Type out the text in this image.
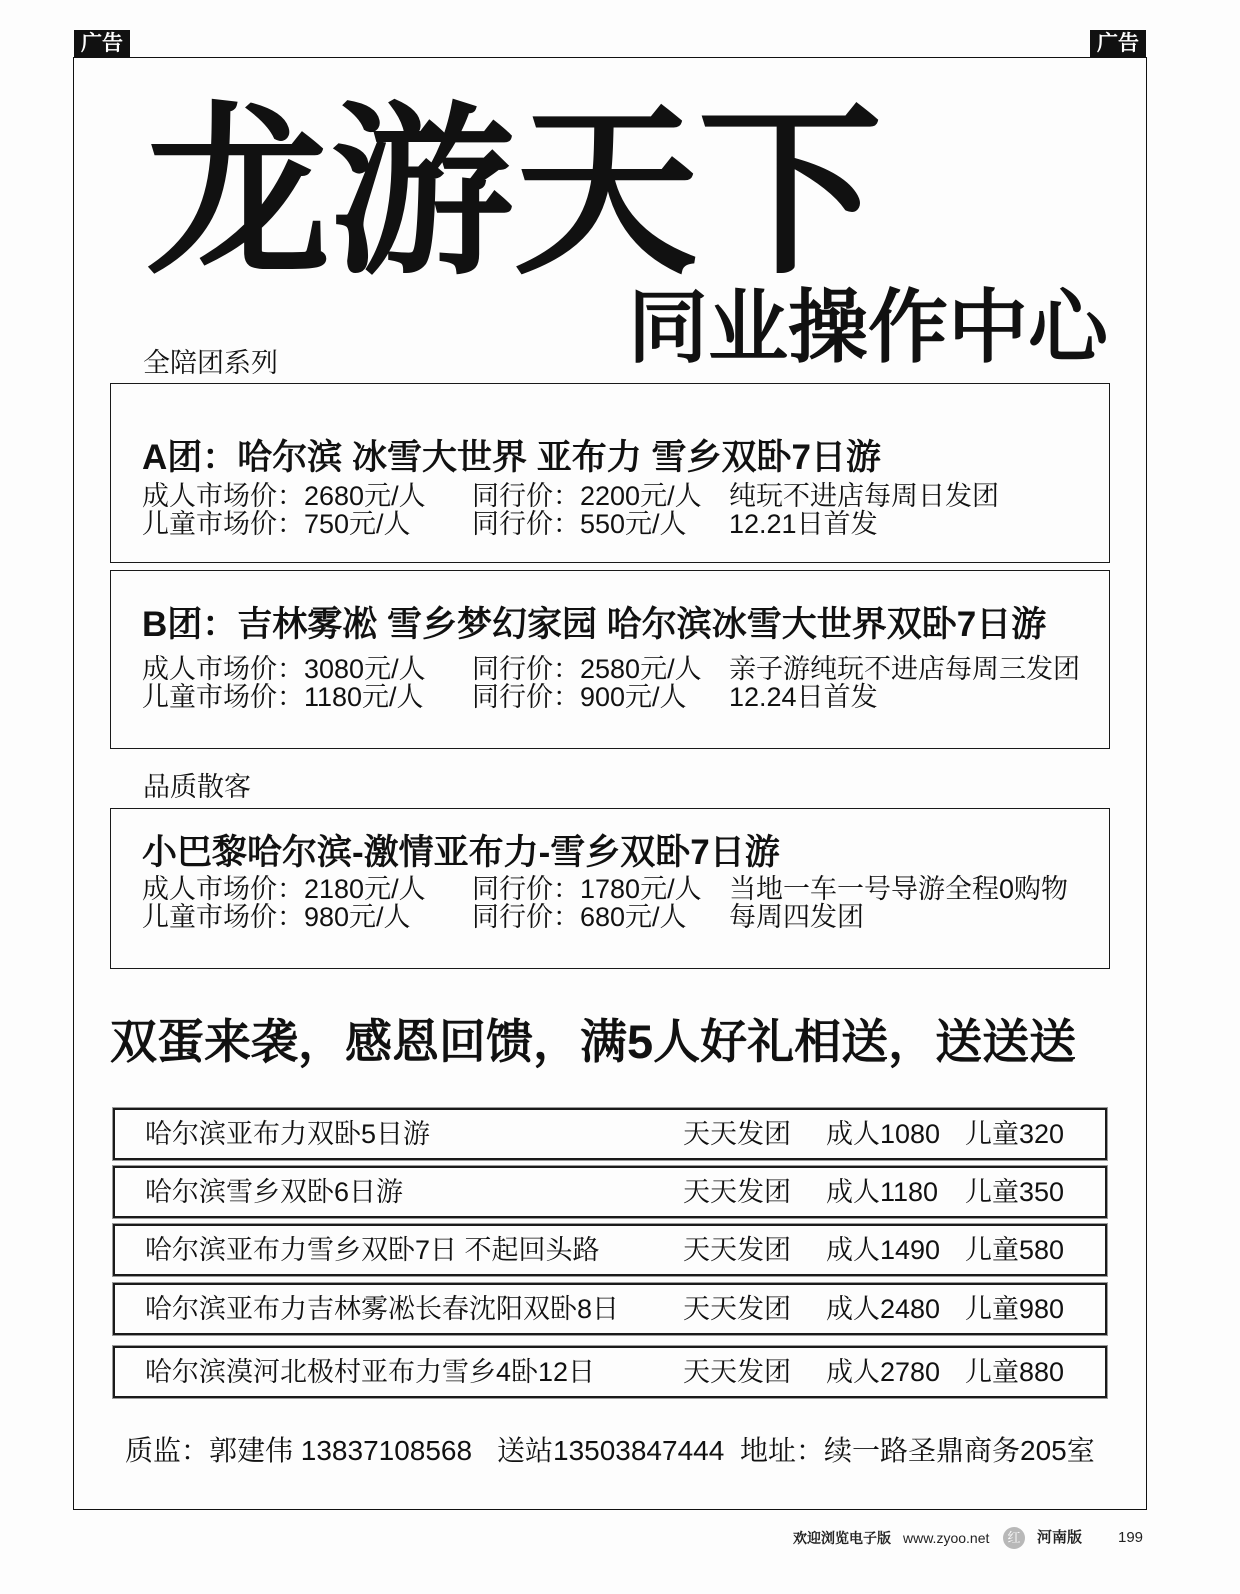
广告	广告
龙游天下
同业操作中心
全陪团系列
A团：哈尔滨 冰雪大世界 亚布力 雪乡双卧7日游
成人市场价：2680元/人 同行价：2200元/人 纯玩不进店每周日发团
儿童市场价：750元/人 同行价：550元/人 12.21日首发
B团：吉林雾凇 雪乡梦幻家园 哈尔滨冰雪大世界双卧7日游
成人市场价：3080元/人 同行价：2580元/人 亲子游纯玩不进店每周三发团
儿童市场价：1180元/人 同行价：900元/人 12.24日首发
品质散客
小巴黎哈尔滨-激情亚布力-雪乡双卧7日游
成人市场价：2180元/人 同行价：1780元/人 当地一车一号导游全程0购物
儿童市场价：980元/人 同行价：680元/人 每周四发团
双蛋来袭，感恩回馈，满5人好礼相送，送送送
哈尔滨亚布力双卧5日游	天天发团 成人1080 儿童320
哈尔滨雪乡双卧6日游	天天发团 成人1180 儿童350
哈尔滨亚布力雪乡双卧7日 不起回头路	天天发团 成人1490 儿童580
哈尔滨亚布力吉林雾凇长春沈阳双卧8日 天天发团 成人2480 儿童980
哈尔滨漠河北极村亚布力雪乡4卧12日	天天发团 成人2780 儿童880
质监：郭建伟 13837108568 送站13503847444 地址：续一路圣鼎商务205室
欢迎浏览电子版 www.zyoo.net	红	河南版 199
